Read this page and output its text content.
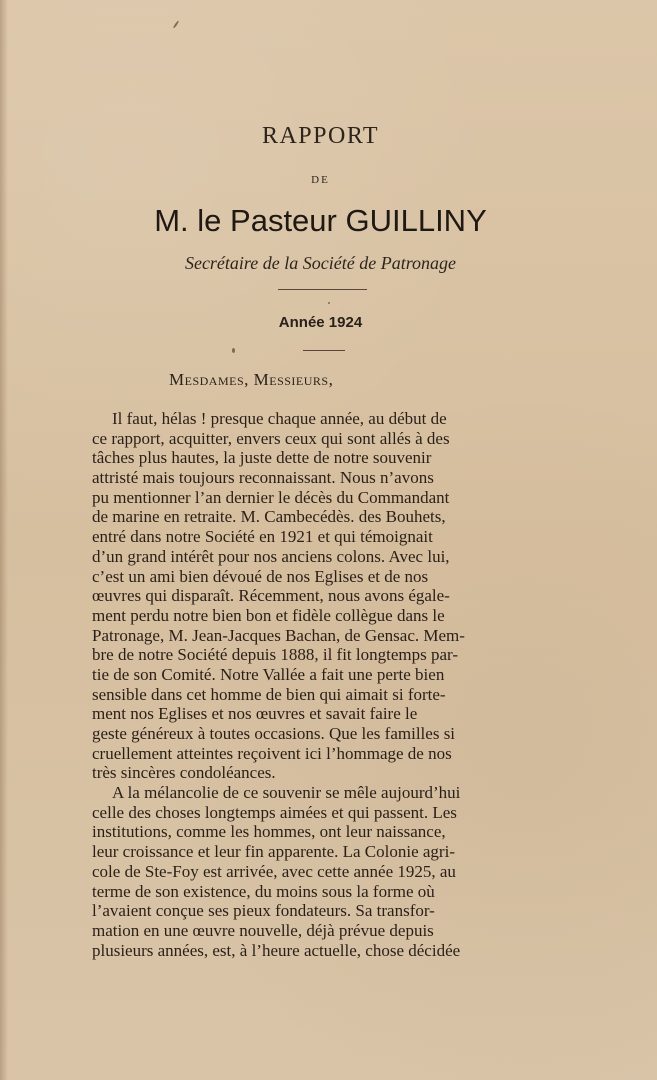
RAPPORT
DE
M. le Pasteur GUILLINY
Secrétaire de la Société de Patronage
Année 1924
Mesdames, Messieurs,
Il faut, hélas ! presque chaque année, au début de
ce rapport, acquitter, envers ceux qui sont allés à des
tâches plus hautes, la juste dette de notre souvenir
attristé mais toujours reconnaissant. Nous n’avons
pu mentionner l’an dernier le décès du Commandant
de marine en retraite. M. Cambecédès. des Bouhets,
entré dans notre Société en 1921 et qui témoignait
d’un grand intérêt pour nos anciens colons. Avec lui,
c’est un ami bien dévoué de nos Eglises et de nos
œuvres qui disparaît. Récemment, nous avons égale-
ment perdu notre bien bon et fidèle collègue dans le
Patronage, M. Jean-Jacques Bachan, de Gensac. Mem-
bre de notre Société depuis 1888, il fit longtemps par-
tie de son Comité. Notre Vallée a fait une perte bien
sensible dans cet homme de bien qui aimait si forte-
ment nos Eglises et nos œuvres et savait faire le
geste généreux à toutes occasions. Que les familles si
cruellement atteintes reçoivent ici l’hommage de nos
très sincères condoléances.
A la mélancolie de ce souvenir se mêle aujourd’hui
celle des choses longtemps aimées et qui passent. Les
institutions, comme les hommes, ont leur naissance,
leur croissance et leur fin apparente. La Colonie agri-
cole de Ste-Foy est arrivée, avec cette année 1925, au
terme de son existence, du moins sous la forme où
l’avaient conçue ses pieux fondateurs. Sa transfor-
mation en une œuvre nouvelle, déjà prévue depuis
plusieurs années, est, à l’heure actuelle, chose décidée
